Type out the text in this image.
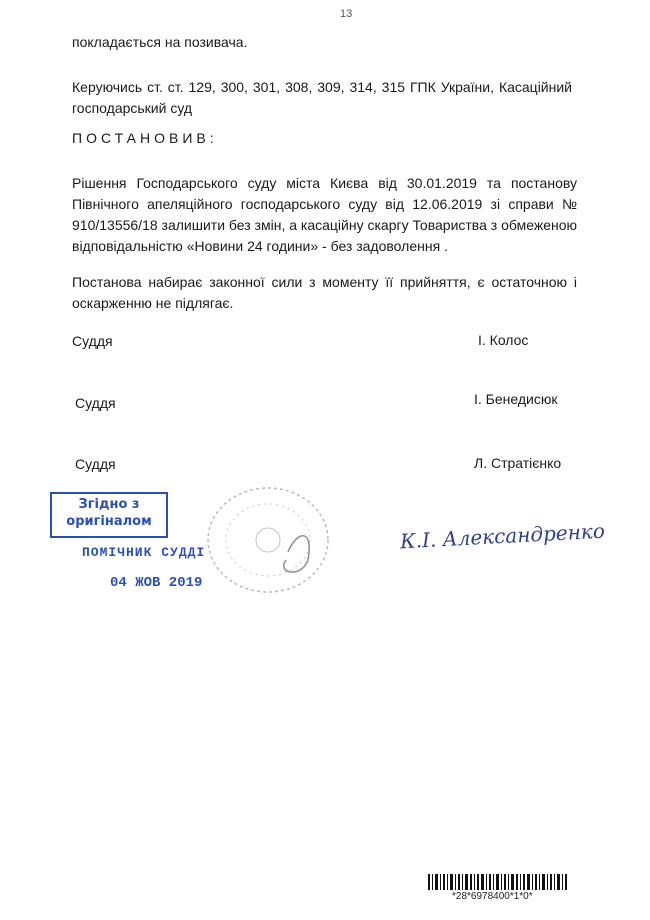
13
покладається на позивача.
Керуючись ст. ст. 129, 300, 301, 308, 309, 314, 315 ГПК України, Касаційний
господарський суд
ПОСТАНОВИВ:
Рішення Господарського суду міста Києва від 30.01.2019 та постанову
Північного апеляційного господарського суду від 12.06.2019 зі справи №
910/13556/18 залишити без змін, а касаційну скаргу Товариства з обмеженою
відповідальністю «Новини 24 години» - без задоволення .
Постанова набирає законної сили з моменту її прийняття, є остаточною і
оскарженню не підлягає.
Суддя	І. Колос
Суддя	І. Бенедисюк
Суддя	Л. Стратієнко
Згідно з
оригіналом
ПОМІЧНИК СУДДІ
04 ЖОВ 2019
К.І. Александренко
*28*6978400*1*0*
